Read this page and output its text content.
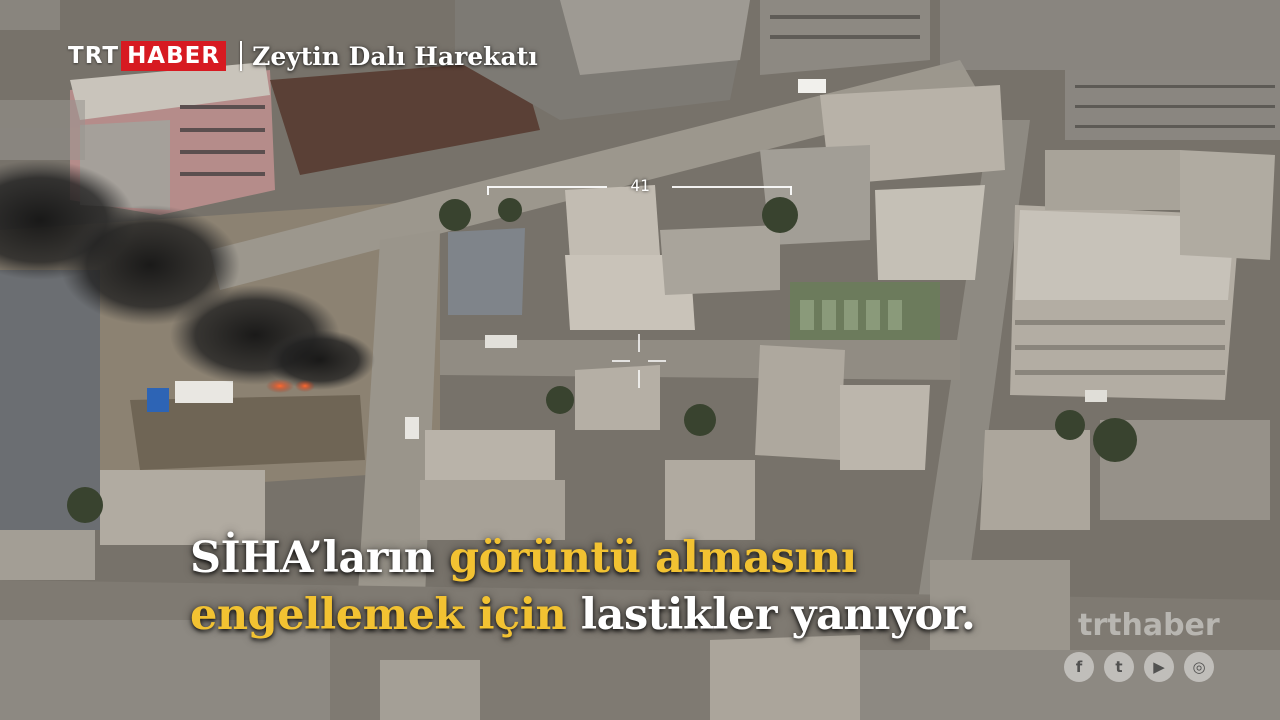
TRT HABER Zeytin Dalı Harekatı
41
SİHA’ların görüntü almasını
engellemek için lastikler yanıyor.	trthaber
f	t	▶	◎
